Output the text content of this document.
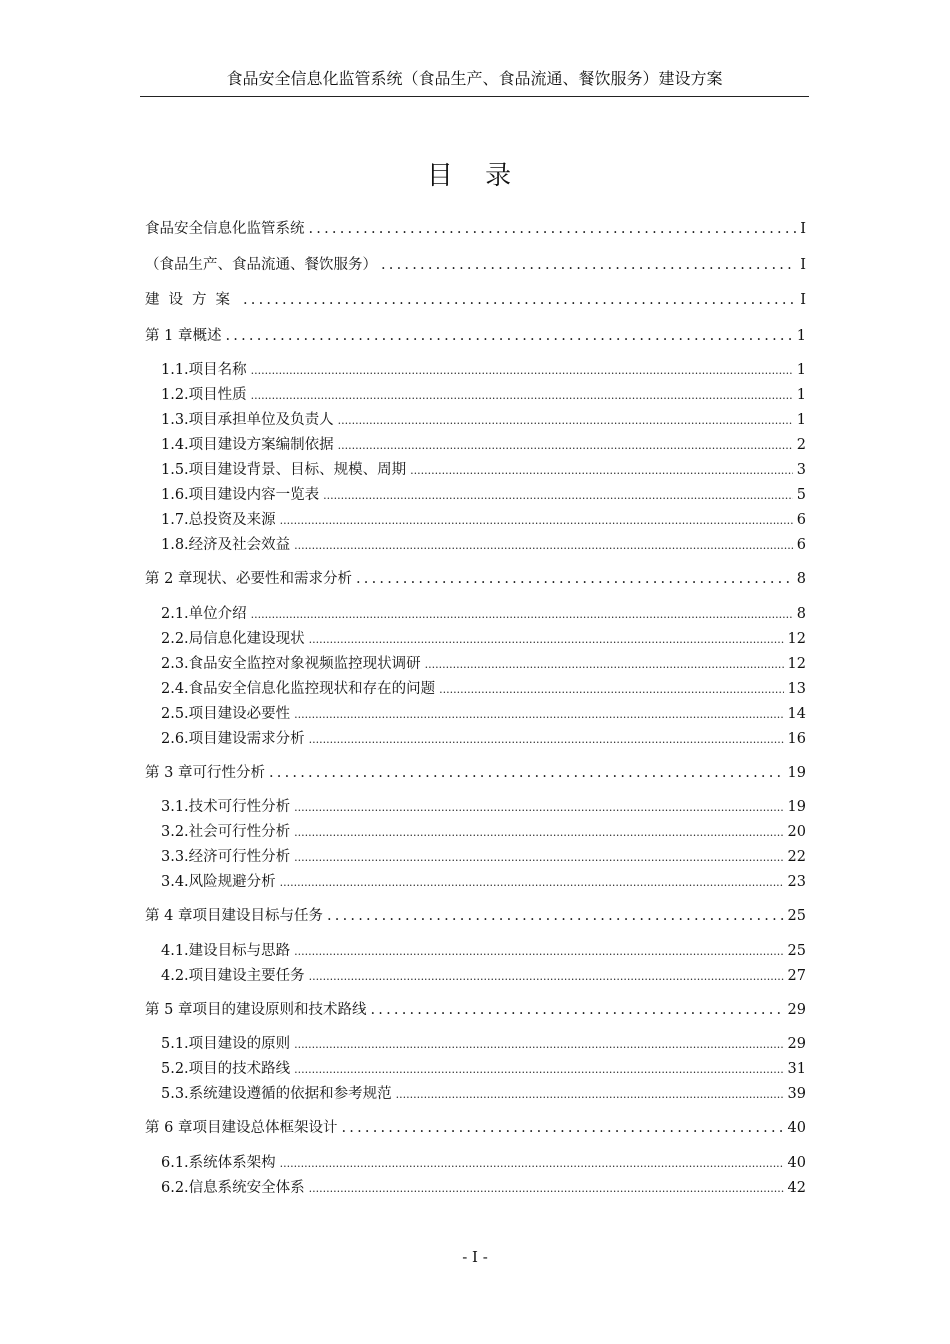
食品安全信息化监管系统（食品生产、食品流通、餐饮服务）建设方案
目 录
食品安全信息化监管系统 .....	I
（食品生产、食品流通、餐饮服务） .....	I
建设方案 .....	I
第 1 章 概述 .....	1
1.1. 项目名称 .....	1
1.2. 项目性质 .....	1
1.3. 项目承担单位及负责人 .....	1
1.4. 项目建设方案编制依据 .....	2
1.5. 项目建设背景、目标、规模、周期 .....	3
1.6. 项目建设内容一览表 .....	5
1.7. 总投资及来源 .....	6
1.8. 经济及社会效益 .....	6
第 2 章 现状、必要性和需求分析 .....	8
2.1. 单位介绍 .....	8
2.2. 局信息化建设现状 .....	12
2.3. 食品安全监控对象视频监控现状调研 .....	12
2.4. 食品安全信息化监控现状和存在的问题 .....	13
2.5. 项目建设必要性 .....	14
2.6. 项目建设需求分析 .....	16
第 3 章 可行性分析 .....	19
3.1. 技术可行性分析 .....	19
3.2. 社会可行性分析 .....	20
3.3. 经济可行性分析 .....	22
3.4. 风险规避分析 .....	23
第 4 章 项目建设目标与任务 .....	25
4.1. 建设目标与思路 .....	25
4.2. 项目建设主要任务 .....	27
第 5 章 项目的建设原则和技术路线 .....	29
5.1. 项目建设的原则 .....	29
5.2. 项目的技术路线 .....	31
5.3. 系统建设遵循的依据和参考规范 .....	39
第 6 章 项目建设总体框架设计 .....	40
6.1. 系统体系架构 .....	40
6.2. 信息系统安全体系 .....	42
- I -
